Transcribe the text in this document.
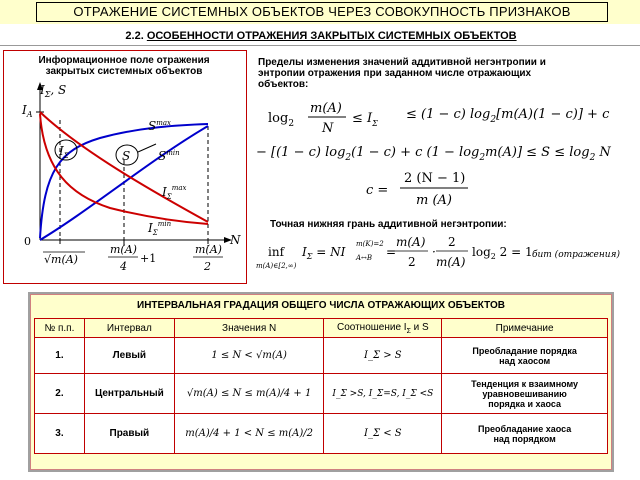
ОТРАЖЕНИЕ СИСТЕМНЫХ ОБЪЕКТОВ ЧЕРЕЗ СОВОКУПНОСТЬ ПРИЗНАКОВ
2.2. ОСОБЕННОСТИ ОТРАЖЕНИЯ ЗАКРЫТЫХ СИСТЕМНЫХ ОБЪЕКТОВ
Информационное поле отражения
закрытых системных объектов
$I_\Sigma$, S
$I_A$
$S^{max}$
$S^{min}$
$I_\Sigma^{max}$
$I_\Sigma^{min}$
$I_\Sigma$	S
N
0
√m(A)
m(A)
4
+1
m(A)
2
Пределы изменения значений аддитивной негэнтропии и
энтропии отражения при заданном числе отражающих
объектов:
$\log_2$
m(A)
N
≤ $I_\Sigma$
≤ (1 − c) $\log_2[m(A)(1 - c)] + c$
− [(1 − c) $\log_2(1 - c) + c$ $(1 - \log_2m(A)] \le S \le \log_2 N$
c =
2 (N − 1)
m (A)
Точная нижняя грань аддитивной негэнтропии:
inf
m(A)∈[2,∞)
$I_\Sigma$ = NI
m(K)=2
A↔B =
m(A)
2
·
2
m(A)
$\log_2 2 = 1$ бит (отражения)
ИНТЕРВАЛЬНАЯ ГРАДАЦИЯ ОБЩЕГО ЧИСЛА ОТРАЖАЮЩИХ ОБЪЕКТОВ
№ п.п.	Интервал	Значения N	Соотношение $I_\Sigma$ и S	Примечание
1.	Левый	1 ≤ N < √m(A)	I_Σ > S	Преобладание порядка
над хаосом

2.	Центральный	√m(A) ≤ N ≤ m(A)/4 + 1	I_Σ >S, I_Σ=S, I_Σ <S	Тенденция к взаимному
уравновешиванию
порядка и хаоса

3.	Правый	m(A)/4 + 1 < N ≤ m(A)/2	I_Σ < S	Преобладание хаоса
над порядком
